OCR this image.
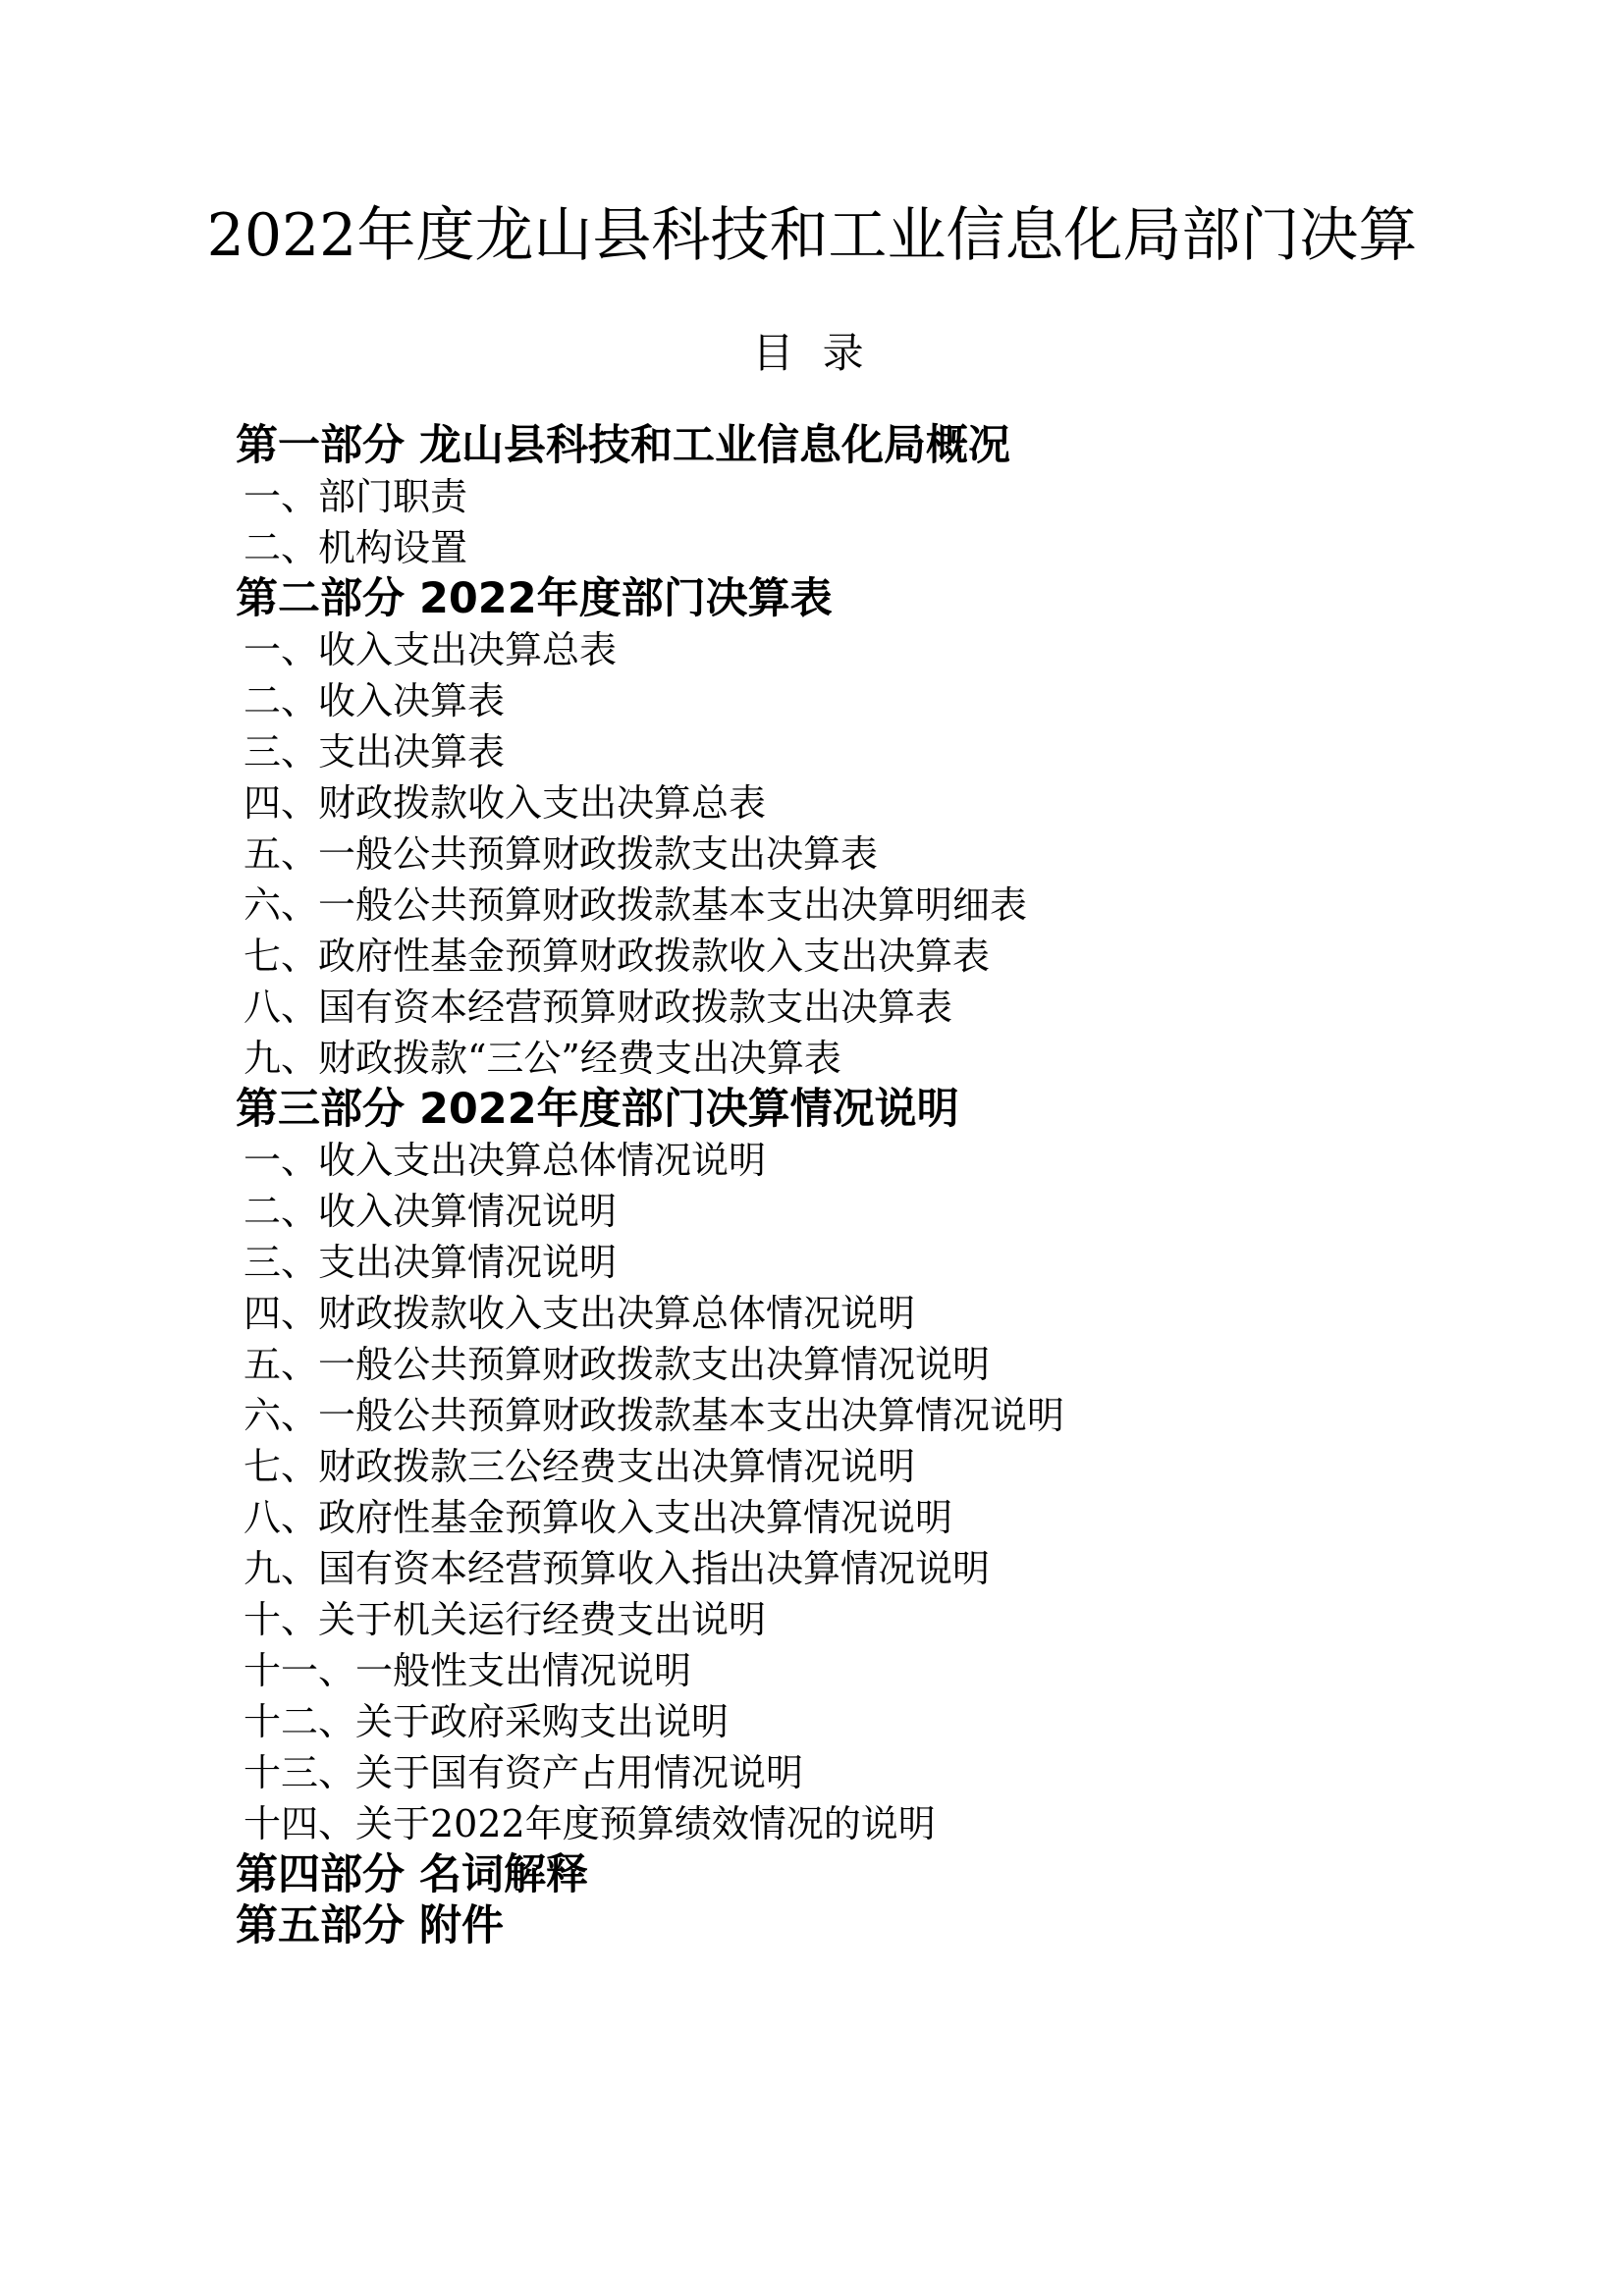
2022年度龙山县科技和工业信息化局部门决算
目 录
第一部分 龙山县科技和工业信息化局概况
一、部门职责
二、机构设置
第二部分 2022年度部门决算表
一、收入支出决算总表
二、收入决算表
三、支出决算表
四、财政拨款收入支出决算总表
五、一般公共预算财政拨款支出决算表
六、一般公共预算财政拨款基本支出决算明细表
七、政府性基金预算财政拨款收入支出决算表
八、国有资本经营预算财政拨款支出决算表
九、财政拨款“三公”经费支出决算表
第三部分 2022年度部门决算情况说明
一、收入支出决算总体情况说明
二、收入决算情况说明
三、支出决算情况说明
四、财政拨款收入支出决算总体情况说明
五、一般公共预算财政拨款支出决算情况说明
六、一般公共预算财政拨款基本支出决算情况说明
七、财政拨款三公经费支出决算情况说明
八、政府性基金预算收入支出决算情况说明
九、国有资本经营预算收入指出决算情况说明
十、关于机关运行经费支出说明
十一、一般性支出情况说明
十二、关于政府采购支出说明
十三、关于国有资产占用情况说明
十四、关于2022年度预算绩效情况的说明
第四部分 名词解释
第五部分 附件
